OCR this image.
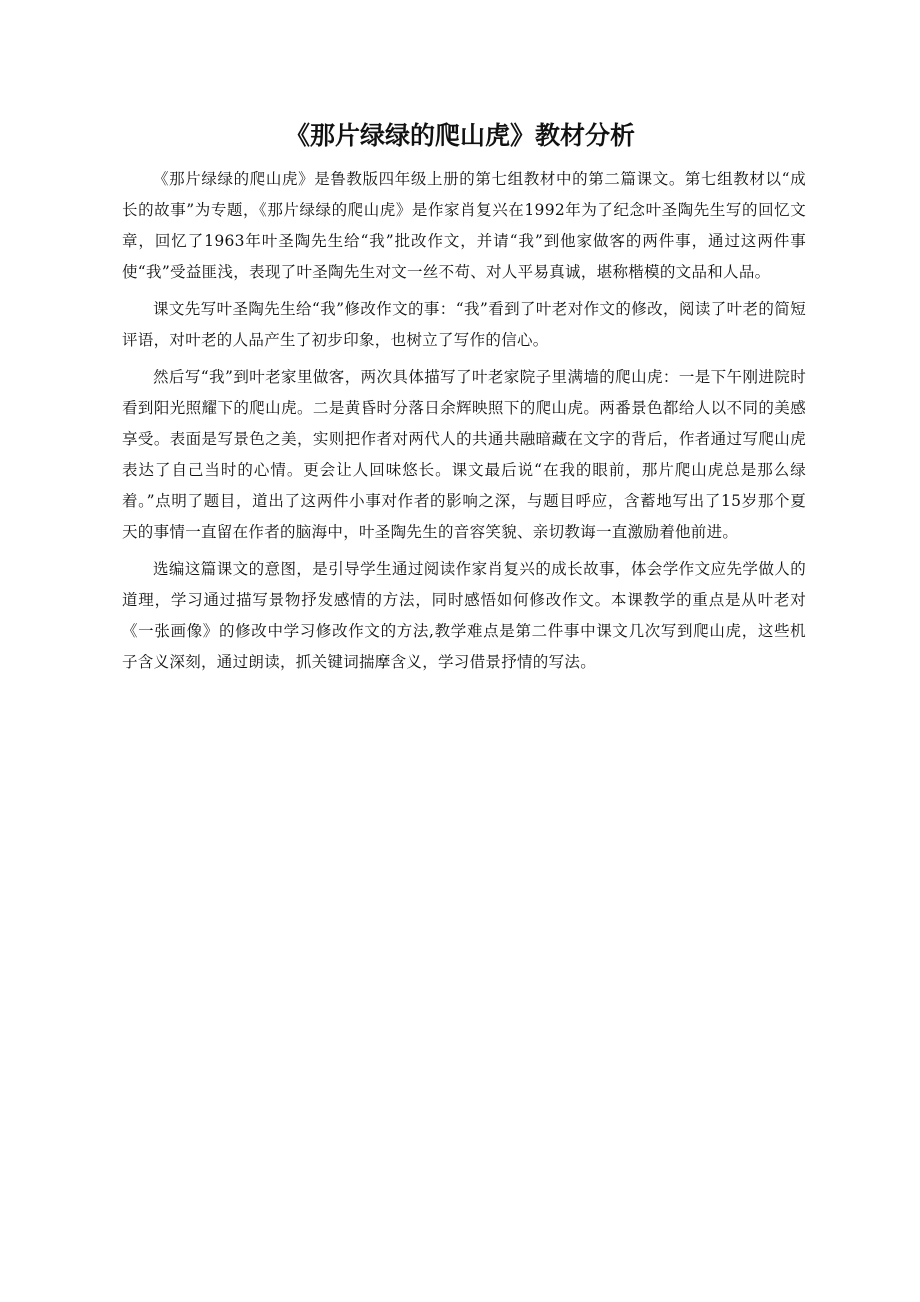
《那片绿绿的爬山虎》教材分析

《那片绿绿的爬山虎》是鲁教版四年级上册的第七组教材中的第二篇课文。第七组教材以“成长的故事”为专题，《那片绿绿的爬山虎》是作家肖复兴在1992年为了纪念叶圣陶先生写的回忆文章，回忆了1963年叶圣陶先生给“我”批改作文，并请“我”到他家做客的两件事，通过这两件事使“我”受益匪浅，表现了叶圣陶先生对文一丝不苟、对人平易真诚，堪称楷模的文品和人品。

课文先写叶圣陶先生给“我”修改作文的事：“我”看到了叶老对作文的修改，阅读了叶老的简短评语，对叶老的人品产生了初步印象，也树立了写作的信心。

然后写“我”到叶老家里做客，两次具体描写了叶老家院子里满墙的爬山虎：一是下午刚进院时看到阳光照耀下的爬山虎。二是黄昏时分落日余辉映照下的爬山虎。两番景色都给人以不同的美感享受。表面是写景色之美，实则把作者对两代人的共通共融暗藏在文字的背后，作者通过写爬山虎表达了自己当时的心情。更会让人回味悠长。课文最后说“在我的眼前，那片爬山虎总是那么绿着。”点明了题目，道出了这两件小事对作者的影响之深，与题目呼应，含蓄地写出了15岁那个夏天的事情一直留在作者的脑海中，叶圣陶先生的音容笑貌、亲切教诲一直激励着他前进。

选编这篇课文的意图，是引导学生通过阅读作家肖复兴的成长故事，体会学作文应先学做人的道理，学习通过描写景物抒发感情的方法，同时感悟如何修改作文。本课教学的重点是从叶老对《一张画像》的修改中学习修改作文的方法,教学难点是第二件事中课文几次写到爬山虎，这些机子含义深刻，通过朗读，抓关键词揣摩含义，学习借景抒情的写法。
